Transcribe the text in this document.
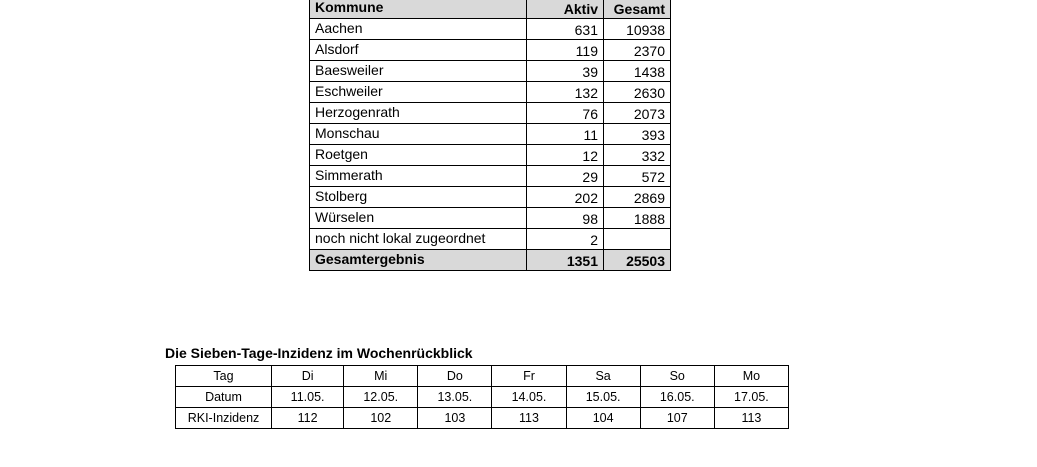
Kommune	Aktiv	Gesamt
Aachen	631	10938
Alsdorf	119	2370
Baesweiler	39	1438
Eschweiler	132	2630
Herzogenrath	76	2073
Monschau	11	393
Roetgen	12	332
Simmerath	29	572
Stolberg	202	2869
Würselen	98	1888
noch nicht lokal zugeordnet	2	
Gesamtergebnis	1351	25503
Die Sieben-Tage-Inzidenz im Wochenrückblick
Tag	Di	Mi	Do	Fr	Sa	So	Mo
Datum	11.05.	12.05.	13.05.	14.05.	15.05.	16.05.	17.05.
RKI-Inzidenz	112	102	103	113	104	107	113
